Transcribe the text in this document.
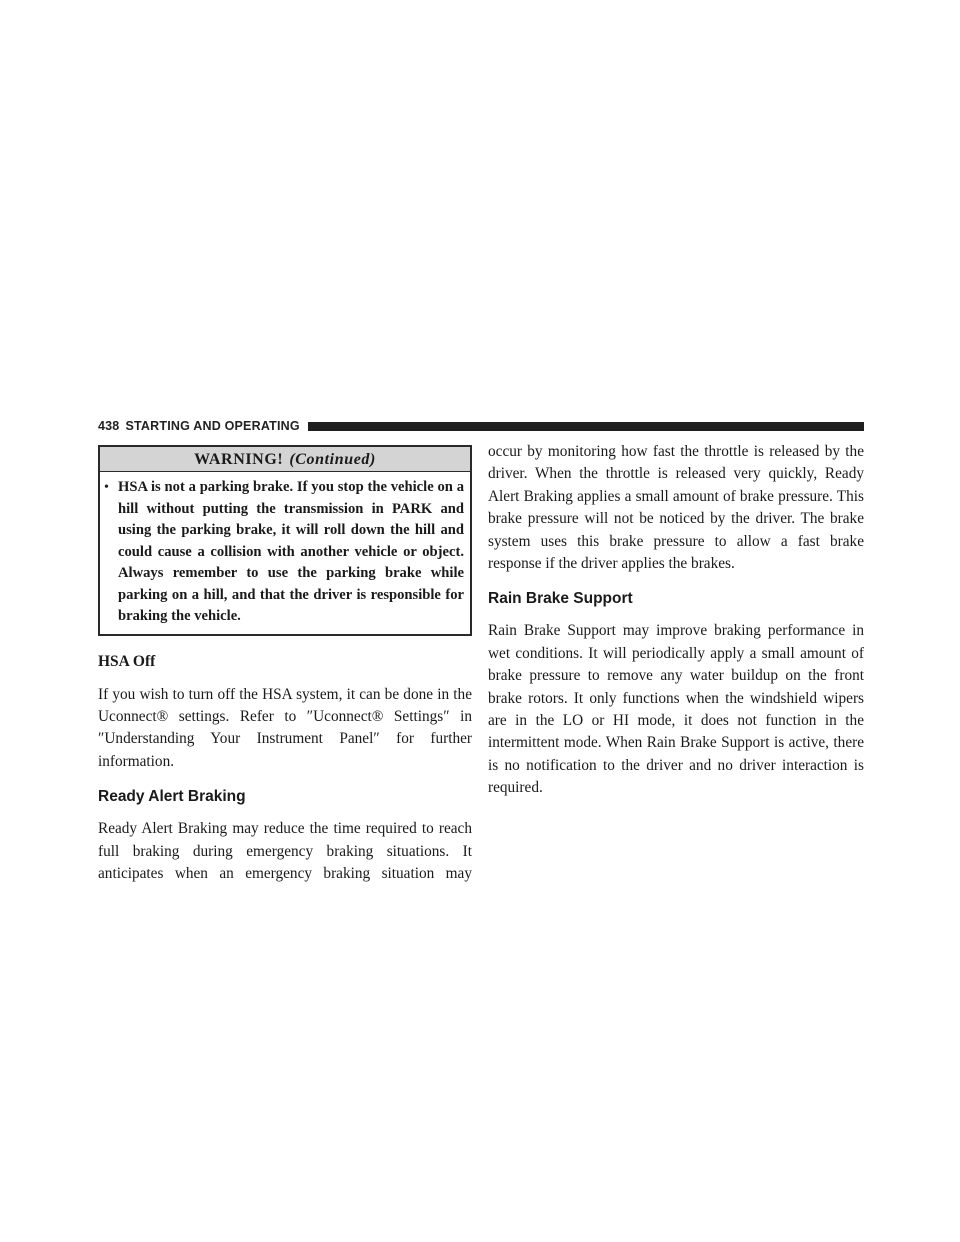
438 STARTING AND OPERATING
WARNING! (Continued)
• HSA is not a parking brake. If you stop the vehicle on a hill without putting the transmission in PARK and using the parking brake, it will roll down the hill and could cause a collision with another vehicle or object. Always remember to use the parking brake while parking on a hill, and that the driver is responsible for braking the vehicle.
HSA Off

If you wish to turn off the HSA system, it can be done in the Uconnect® settings. Refer to ″Uconnect® Settings″ in ″Understanding Your Instrument Panel″ for further information.

Ready Alert Braking

Ready Alert Braking may reduce the time required to reach full braking during emergency braking situations. It anticipates when an emergency braking situation may

occur by monitoring how fast the throttle is released by the driver. When the throttle is released very quickly, Ready Alert Braking applies a small amount of brake pressure. This brake pressure will not be noticed by the driver. The brake system uses this brake pressure to allow a fast brake response if the driver applies the brakes.

Rain Brake Support

Rain Brake Support may improve braking performance in wet conditions. It will periodically apply a small amount of brake pressure to remove any water buildup on the front brake rotors. It only functions when the windshield wipers are in the LO or HI mode, it does not function in the intermittent mode. When Rain Brake Support is active, there is no notification to the driver and no driver interaction is required.
